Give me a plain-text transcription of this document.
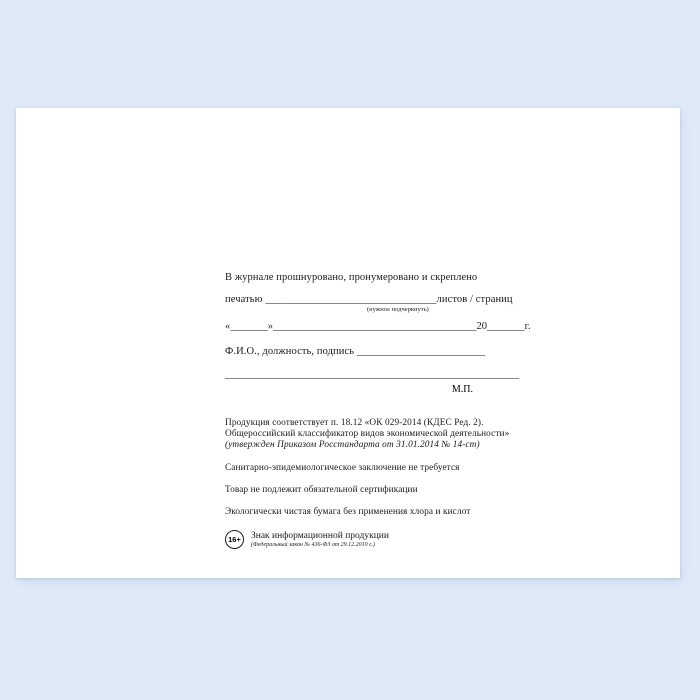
В журнале прошнуровано, пронумеровано и скреплено
печатью ________________________________листов / страниц
(нужное подчеркнуть)
«_______»______________________________________20_______г.
Ф.И.О., должность, подпись ________________________
_______________________________________________________
М.П.
Продукция соответствует п. 18.12 «ОК 029-2014 (КДЕС Ред. 2).
Общероссийский классификатор видов экономической деятельности»
(утвержден Приказом Росстандарта от 31.01.2014 № 14-ст)
Санитарно-эпидемиологическое заключение не требуется
Товар не подлежит обязательной сертификации
Экологически чистая бумага без применения хлора и кислот
16+	Знак информационной продукции
(Федеральный закон № 436-ФЗ от 29.12.2010 г.)
